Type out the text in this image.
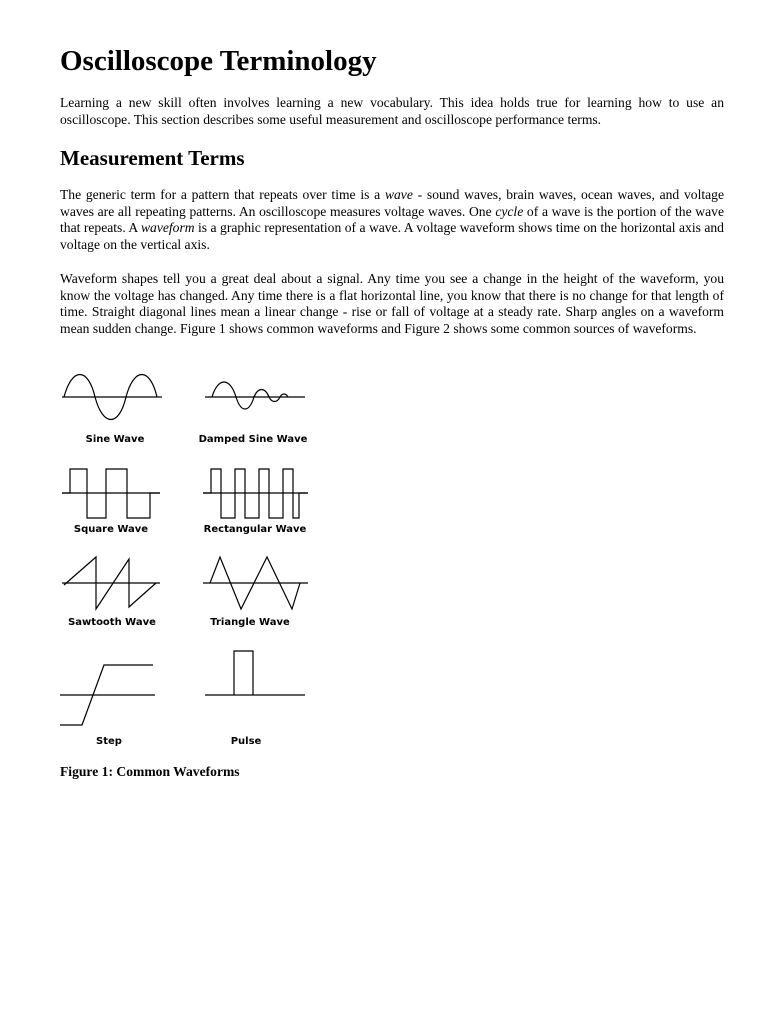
Oscilloscope Terminology

Learning a new skill often involves learning a new vocabulary. This idea holds true for learning how to use an oscilloscope. This section describes some useful measurement and oscilloscope performance terms.

Measurement Terms

The generic term for a pattern that repeats over time is a wave - sound waves, brain waves, ocean waves, and voltage waves are all repeating patterns. An oscilloscope measures voltage waves. One cycle of a wave is the portion of the wave that repeats. A waveform is a graphic representation of a wave. A voltage waveform shows time on the horizontal axis and voltage on the vertical axis.

Waveform shapes tell you a great deal about a signal. Any time you see a change in the height of the waveform, you know the voltage has changed. Any time there is a flat horizontal line, you know that there is no change for that length of time. Straight diagonal lines mean a linear change - rise or fall of voltage at a steady rate. Sharp angles on a waveform mean sudden change. Figure 1 shows common waveforms and Figure 2 shows some common sources of waveforms.

Sine Wave	Damped Sine Wave
Square Wave	Rectangular Wave
Sawtooth Wave	Triangle Wave
Step	Pulse

Figure 1: Common Waveforms
